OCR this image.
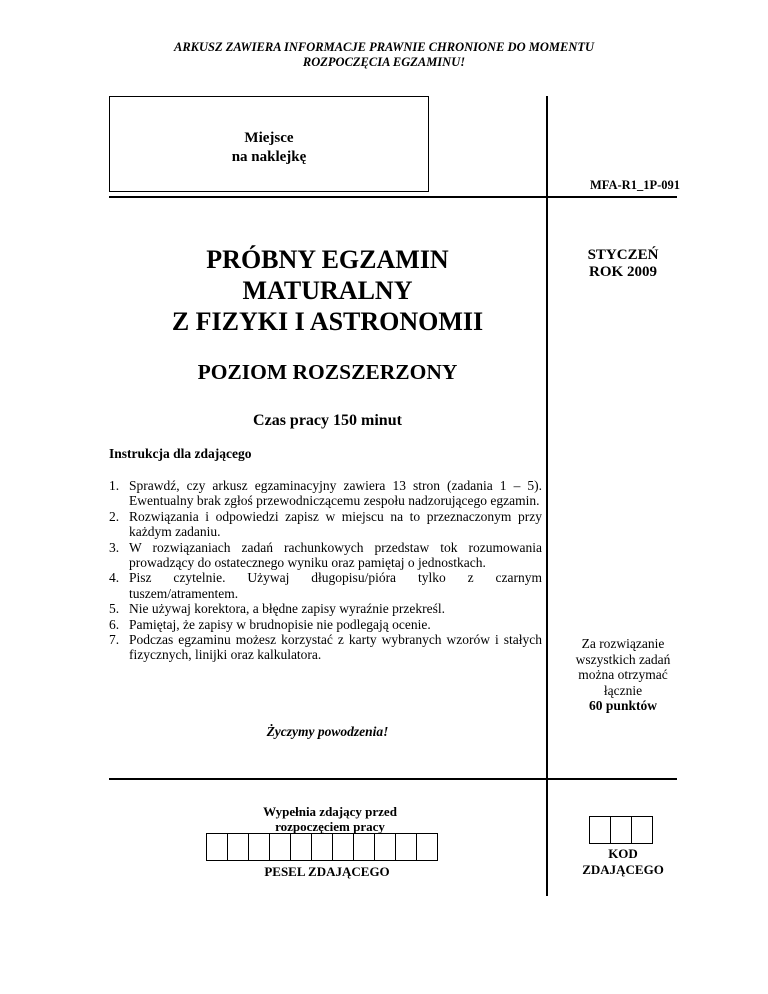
ARKUSZ ZAWIERA INFORMACJE PRAWNIE CHRONIONE DO MOMENTU
ROZPOCZĘCIA EGZAMINU!
Miejsce
na naklejkę
MFA-R1_1P-091
PRÓBNY EGZAMIN
MATURALNY
Z FIZYKI I ASTRONOMII
STYCZEŃ
ROK 2009
POZIOM ROZSZERZONY
Czas pracy 150 minut
Instrukcja dla zdającego
1. Sprawdź, czy arkusz egzaminacyjny zawiera 13 stron (zadania 1 – 5). Ewentualny brak zgłoś przewodniczącemu zespołu nadzorującego egzamin.
2. Rozwiązania i odpowiedzi zapisz w miejscu na to przeznaczonym przy każdym zadaniu.
3. W rozwiązaniach zadań rachunkowych przedstaw tok rozumowania prowadzący do ostatecznego wyniku oraz pamiętaj o jednostkach.
4. Pisz czytelnie. Używaj długopisu/pióra tylko z czarnym tuszem/atramentem.
5. Nie używaj korektora, a błędne zapisy wyraźnie przekreśl.
6. Pamiętaj, że zapisy w brudnopisie nie podlegają ocenie.
7. Podczas egzaminu możesz korzystać z karty wybranych wzorów i stałych fizycznych, linijki oraz kalkulatora.
Za rozwiązanie
wszystkich zadań
można otrzymać
łącznie
60 punktów
Życzymy powodzenia!
Wypełnia zdający przed
rozpoczęciem pracy
PESEL ZDAJĄCEGO
KOD
ZDAJĄCEGO
